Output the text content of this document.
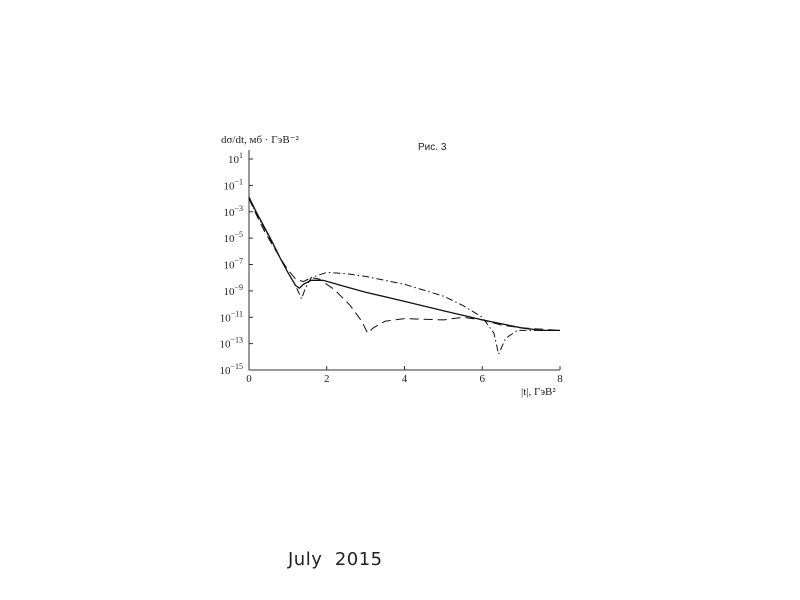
dσ/dt, мб · ГэВ⁻²
Рис. 3
|t|, ГэВ²
$10^1$
$10^{-1}$
$10^{-3}$
$10^{-5}$
$10^{-7}$
$10^{-9}$
$10^{-11}$
$10^{-13}$
$10^{-15}$
0	2	4	6	8
July  2015
